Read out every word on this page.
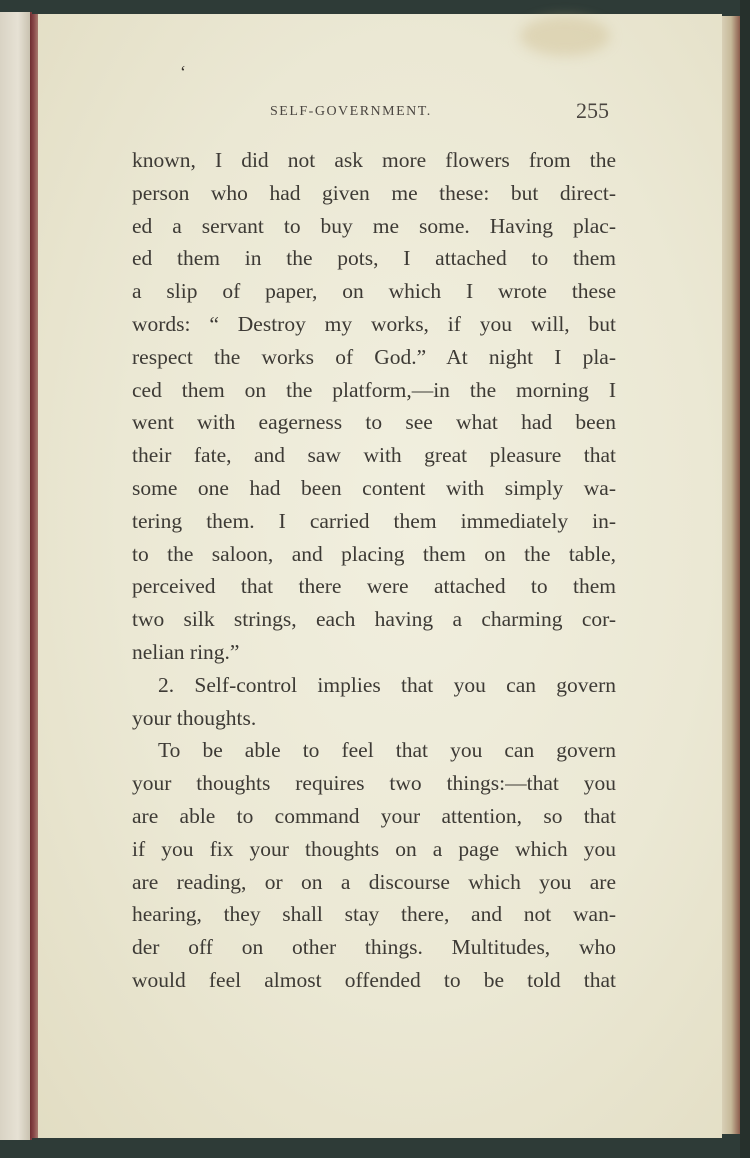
‘
SELF-GOVERNMENT.	255
known, I did not ask more flowers from the
person who had given me these: but direct-
ed a servant to buy me some. Having plac-
ed them in the pots, I attached to them
a slip of paper, on which I wrote these
words: “ Destroy my works, if you will, but
respect the works of God.” At night I pla-
ced them on the platform,—in the morning I
went with eagerness to see what had been
their fate, and saw with great pleasure that
some one had been content with simply wa-
tering them. I carried them immediately in-
to the saloon, and placing them on the table,
perceived that there were attached to them
two silk strings, each having a charming cor-
nelian ring.”
2. Self-control implies that you can govern
your thoughts.
To be able to feel that you can govern
your thoughts requires two things:—that you
are able to command your attention, so that
if you fix your thoughts on a page which you
are reading, or on a discourse which you are
hearing, they shall stay there, and not wan-
der off on other things. Multitudes, who
would feel almost offended to be told that
